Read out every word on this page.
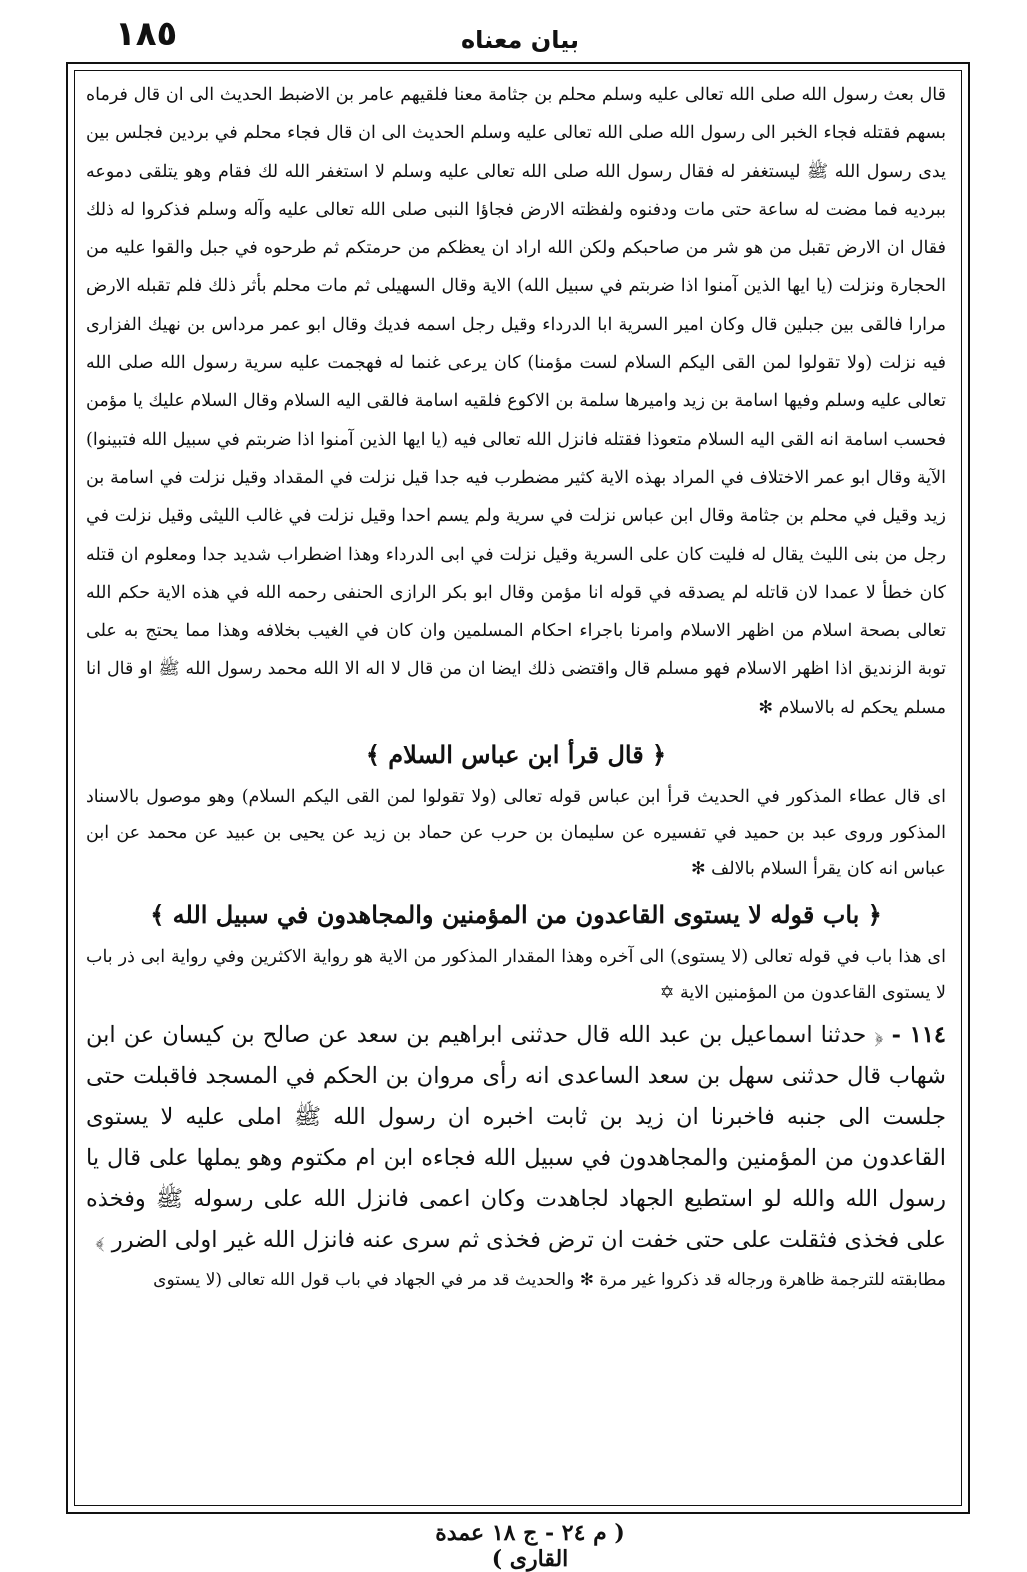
١٨٥	بيان معناه

قال بعث رسول الله صلى الله تعالى عليه وسلم محلم بن جثامة معنا فلقيهم عامر بن الاضبط الحديث الى ان قال فرماه بسهم فقتله فجاء الخبر الى رسول الله صلى الله تعالى عليه وسلم الحديث الى ان قال فجاء محلم في بردين فجلس بين يدى رسول الله ﷺ ليستغفر له فقال رسول الله صلى الله تعالى عليه وسلم لا استغفر الله لك فقام وهو يتلقى دموعه ببرديه فما مضت له ساعة حتى مات ودفنوه ولفظته الارض فجاؤا النبى صلى الله تعالى عليه وآله وسلم فذكروا له ذلك فقال ان الارض تقبل من هو شر من صاحبكم ولكن الله اراد ان يعظكم من حرمتكم ثم طرحوه في جبل والقوا عليه من الحجارة ونزلت (يا ايها الذين آمنوا اذا ضربتم في سبيل الله) الاية وقال السهيلى ثم مات محلم بأثر ذلك فلم تقبله الارض مرارا فالقى بين جبلين قال وكان امير السرية ابا الدرداء وقيل رجل اسمه فديك وقال ابو عمر مرداس بن نهيك الفزارى فيه نزلت (ولا تقولوا لمن القى اليكم السلام لست مؤمنا) كان يرعى غنما له فهجمت عليه سرية رسول الله صلى الله تعالى عليه وسلم وفيها اسامة بن زيد واميرها سلمة بن الاكوع فلقيه اسامة فالقى اليه السلام وقال السلام عليك يا مؤمن فحسب اسامة انه القى اليه السلام متعوذا فقتله فانزل الله تعالى فيه (يا ايها الذين آمنوا اذا ضربتم في سبيل الله فتبينوا) الآية وقال ابو عمر الاختلاف في المراد بهذه الاية كثير مضطرب فيه جدا قيل نزلت في المقداد وقيل نزلت في اسامة بن زيد وقيل في محلم بن جثامة وقال ابن عباس نزلت في سرية ولم يسم احدا وقيل نزلت في غالب الليثى وقيل نزلت في رجل من بنى الليث يقال له فليت كان على السرية وقيل نزلت في ابى الدرداء وهذا اضطراب شديد جدا ومعلوم ان قتله كان خطأ لا عمدا لان قاتله لم يصدقه في قوله انا مؤمن وقال ابو بكر الرازى الحنفى رحمه الله في هذه الاية حكم الله تعالى بصحة اسلام من اظهر الاسلام وامرنا باجراء احكام المسلمين وان كان في الغيب بخلافه وهذا مما يحتج به على توبة الزنديق اذا اظهر الاسلام فهو مسلم قال واقتضى ذلك ايضا ان من قال لا اله الا الله محمد رسول الله ﷺ او قال انا مسلم يحكم له بالاسلام ✻

﴿ قال قرأ ابن عباس السلام ﴾

اى قال عطاء المذكور في الحديث قرأ ابن عباس قوله تعالى (ولا تقولوا لمن القى اليكم السلام) وهو موصول بالاسناد المذكور وروى عبد بن حميد في تفسيره عن سليمان بن حرب عن حماد بن زيد عن يحيى بن عبيد عن محمد عن ابن عباس انه كان يقرأ السلام بالالف ✻

﴿ باب قوله لا يستوى القاعدون من المؤمنين والمجاهدون في سبيل الله ﴾

اى هذا باب في قوله تعالى (لا يستوى) الى آخره وهذا المقدار المذكور من الاية هو رواية الاكثرين وفي رواية ابى ذر باب لا يستوى القاعدون من المؤمنين الاية ✡

١١٤ - ﴿ حدثنا اسماعيل بن عبد الله قال حدثنى ابراهيم بن سعد عن صالح بن كيسان عن ابن شهاب قال حدثنى سهل بن سعد الساعدى انه رأى مروان بن الحكم في المسجد فاقبلت حتى جلست الى جنبه فاخبرنا ان زيد بن ثابت اخبره ان رسول الله ﷺ املى عليه لا يستوى القاعدون من المؤمنين والمجاهدون في سبيل الله فجاءه ابن ام مكتوم وهو يملها على قال يا رسول الله والله لو استطيع الجهاد لجاهدت وكان اعمى فانزل الله على رسوله ﷺ وفخذه على فخذى فثقلت على حتى خفت ان ترض فخذى ثم سرى عنه فانزل الله غير اولى الضرر ﴾

مطابقته للترجمة ظاهرة ورجاله قد ذكروا غير مرة ✻ والحديث قد مر في الجهاد في باب قول الله تعالى (لا يستوى

( م ٢٤ - ج ١٨ عمدة القارى )
